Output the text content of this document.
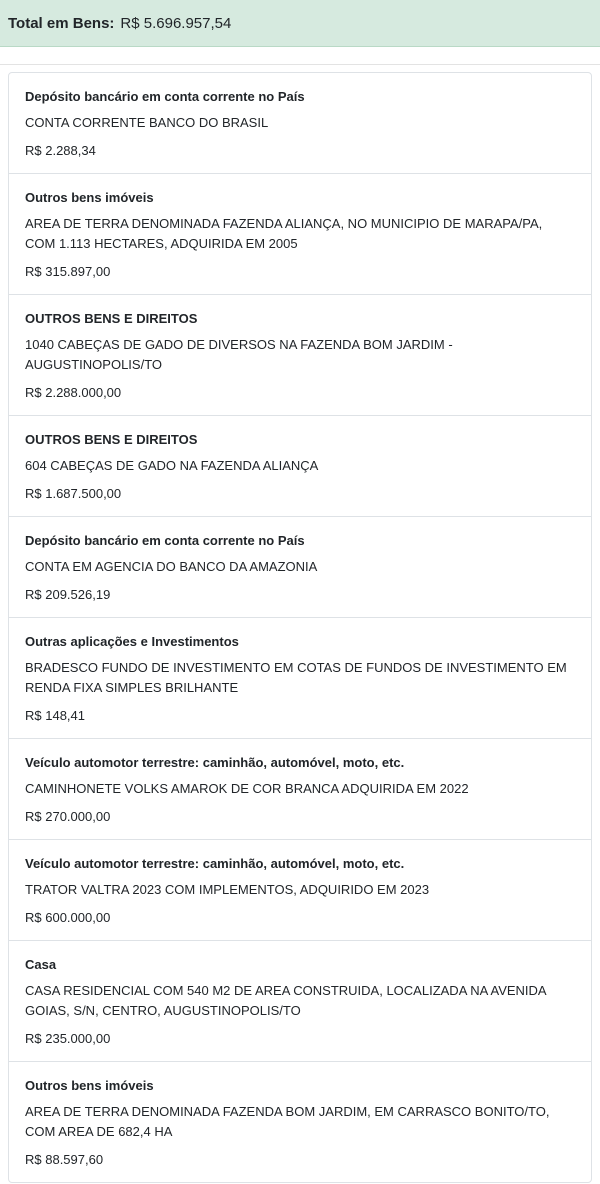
Total em Bens: R$ 5.696.957,54
Depósito bancário em conta corrente no País
CONTA CORRENTE BANCO DO BRASIL
R$ 2.288,34
Outros bens imóveis
AREA DE TERRA DENOMINADA FAZENDA ALIANÇA, NO MUNICIPIO DE MARAPA/PA, COM 1.113 HECTARES, ADQUIRIDA EM 2005
R$ 315.897,00
OUTROS BENS E DIREITOS
1040 CABEÇAS DE GADO DE DIVERSOS NA FAZENDA BOM JARDIM - AUGUSTINOPOLIS/TO
R$ 2.288.000,00
OUTROS BENS E DIREITOS
604 CABEÇAS DE GADO NA FAZENDA ALIANÇA
R$ 1.687.500,00
Depósito bancário em conta corrente no País
CONTA EM AGENCIA DO BANCO DA AMAZONIA
R$ 209.526,19
Outras aplicações e Investimentos
BRADESCO FUNDO DE INVESTIMENTO EM COTAS DE FUNDOS DE INVESTIMENTO EM RENDA FIXA SIMPLES BRILHANTE
R$ 148,41
Veículo automotor terrestre: caminhão, automóvel, moto, etc.
CAMINHONETE VOLKS AMAROK DE COR BRANCA ADQUIRIDA EM 2022
R$ 270.000,00
Veículo automotor terrestre: caminhão, automóvel, moto, etc.
TRATOR VALTRA 2023 COM IMPLEMENTOS, ADQUIRIDO EM 2023
R$ 600.000,00
Casa
CASA RESIDENCIAL COM 540 M2 DE AREA CONSTRUIDA, LOCALIZADA NA AVENIDA GOIAS, S/N, CENTRO, AUGUSTINOPOLIS/TO
R$ 235.000,00
Outros bens imóveis
AREA DE TERRA DENOMINADA FAZENDA BOM JARDIM, EM CARRASCO BONITO/TO, COM AREA DE 682,4 HA
R$ 88.597,60
